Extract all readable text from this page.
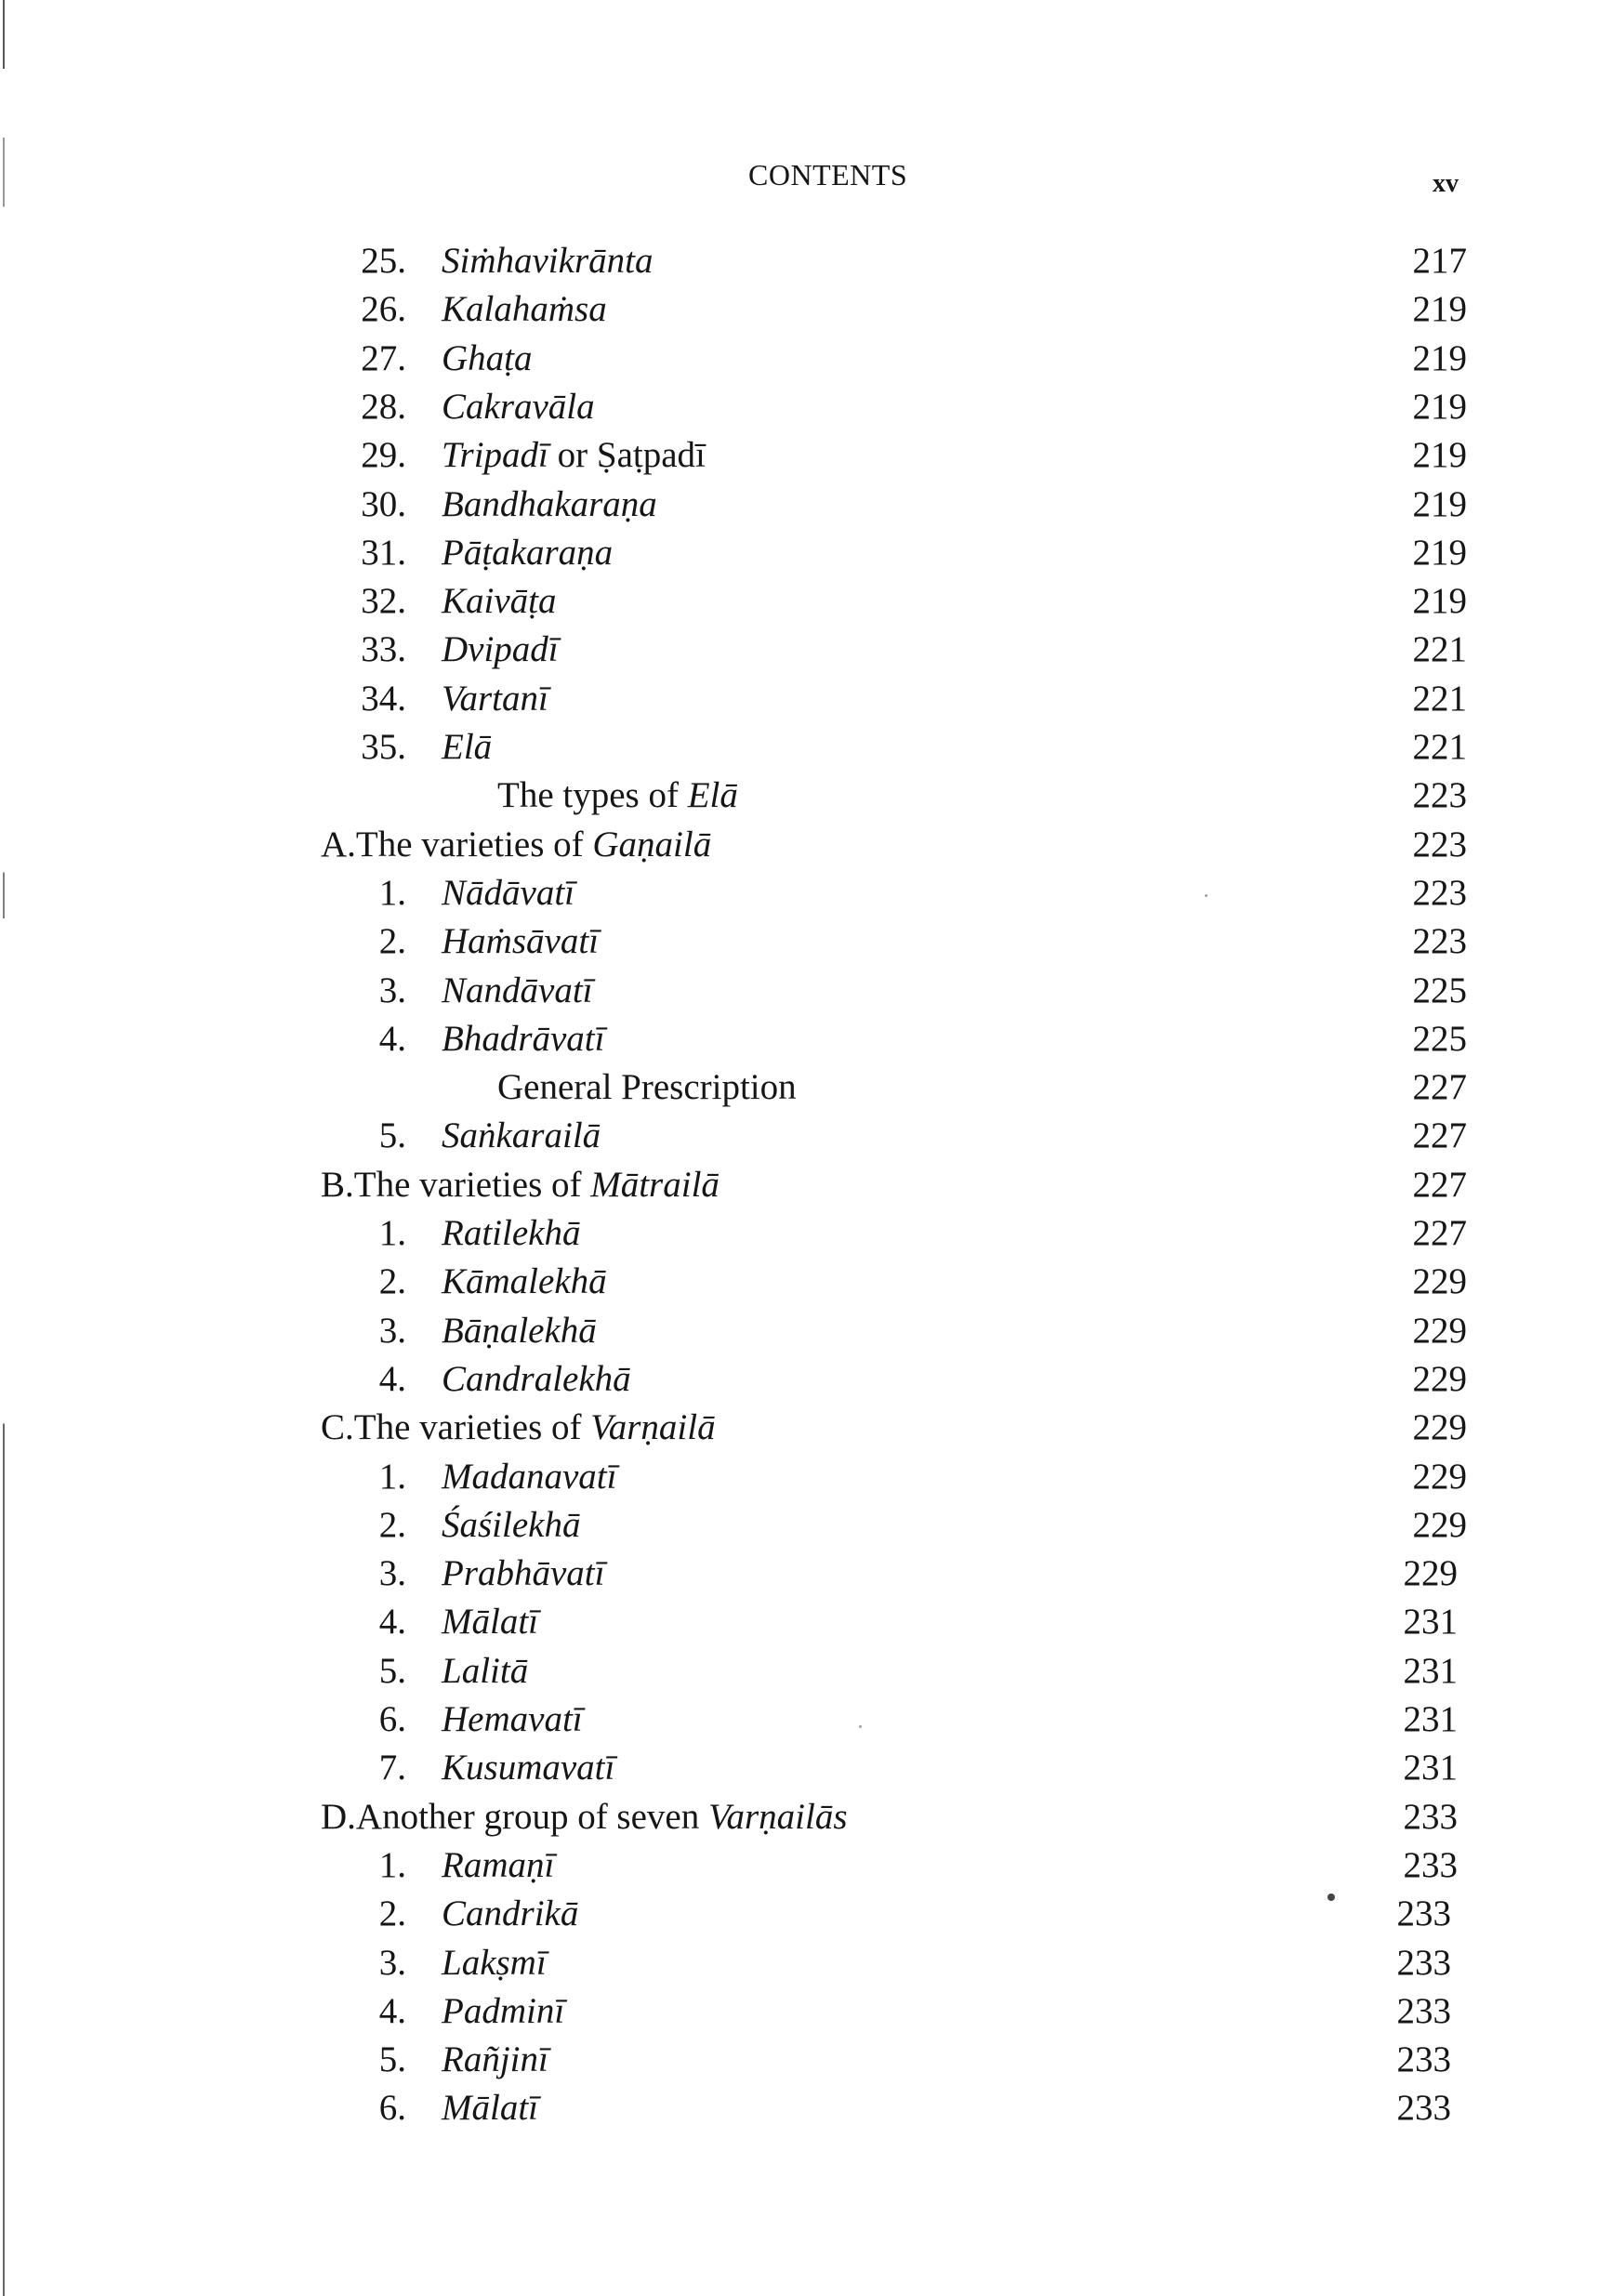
CONTENTS	xv
25. Siṁhavikrānta	217
26. Kalahaṁsa	219
27. Ghaṭa	219
28. Cakravāla	219
29. Tripadī or Ṣaṭpadī	219
30. Bandhakaraṇa	219
31. Pāṭakaraṇa	219
32. Kaivāṭa	219
33. Dvipadī	221
34. Vartanī	221
35. Elā	221
The types of Elā	223
A.The varieties of Gaṇailā	223
1. Nādāvatī	223
2. Haṁsāvatī	223
3. Nandāvatī	225
4. Bhadrāvatī	225
General Prescription	227
5. Saṅkarailā	227
B.The varieties of Mātrailā	227
1. Ratilekhā	227
2. Kāmalekhā	229
3. Bāṇalekhā	229
4. Candralekhā	229
C.The varieties of Varṇailā	229
1. Madanavatī	229
2. Śaśilekhā	229
3. Prabhāvatī	229
4. Mālatī	231
5. Lalitā	231
6. Hemavatī	231
7. Kusumavatī	231
D.Another group of seven Varṇailās	233
1. Ramaṇī	233
2. Candrikā	233
3. Lakṣmī	233
4. Padminī	233
5. Rañjinī	233
6. Mālatī	233
